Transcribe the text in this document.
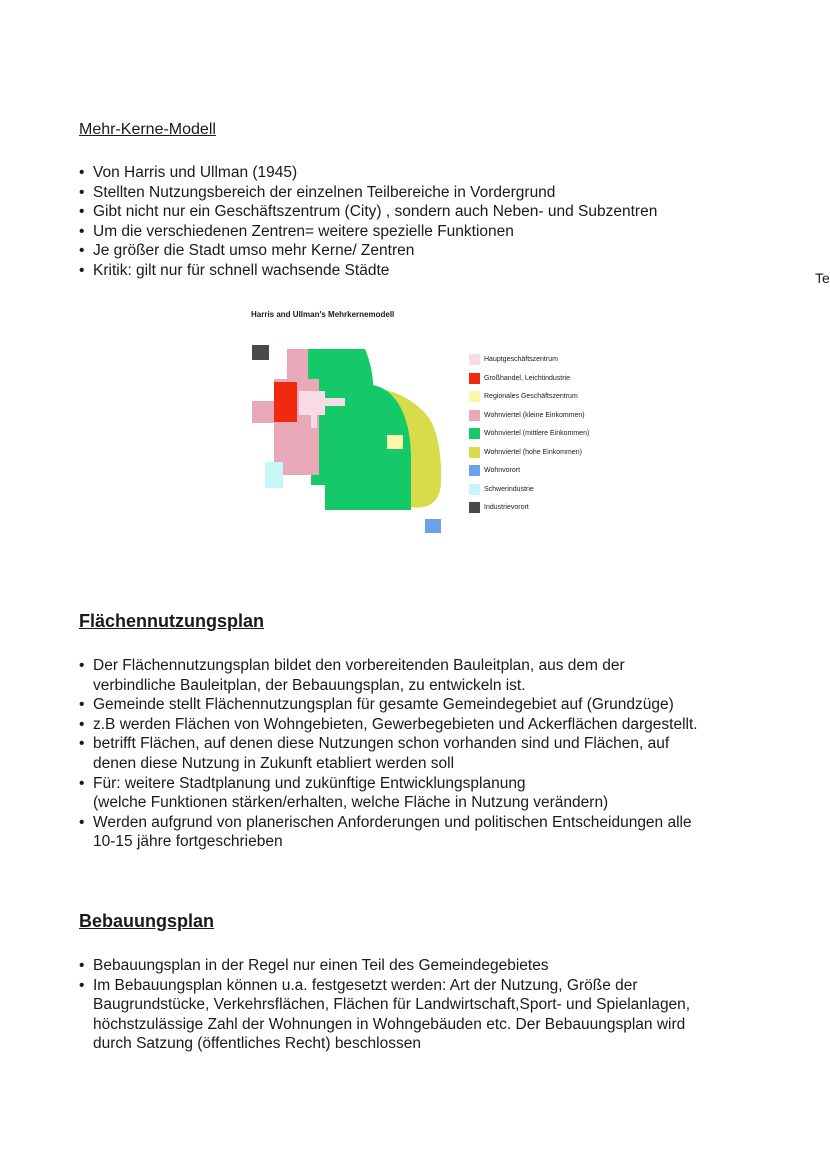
Mehr-Kerne-Modell
• Von Harris und Ullman (1945)
• Stellten Nutzungsbereich der einzelnen Teilbereiche in Vordergrund
• Gibt nicht nur ein Geschäftszentrum (City) , sondern auch Neben- und Subzentren
• Um die verschiedenen Zentren= weitere spezielle Funktionen
• Je größer die Stadt umso mehr Kerne/ Zentren
• Kritik: gilt nur für schnell wachsende Städte	Te
Harris and Ullman's Mehrkernemodell
Hauptgeschäftszentrum
Großhandel, Leichtindustrie
Regionales Geschäftszentrum
Wohnviertel (kleine Einkommen)
Wohnviertel (mittlere Einkommen)
Wohnviertel (hohe Einkommen)
Wohnvorort
Schwerindustrie
Industrievorort
Flächennutzungsplan
• Der Flächennutzungsplan bildet den vorbereitenden Bauleitplan, aus dem der
verbindliche Bauleitplan, der Bebauungsplan, zu entwickeln ist.
• Gemeinde stellt Flächennutzungsplan für gesamte Gemeindegebiet auf (Grundzüge)
• z.B werden Flächen von Wohngebieten, Gewerbegebieten und Ackerflächen dargestellt.
• betrifft Flächen, auf denen diese Nutzungen schon vorhanden sind und Flächen, auf
denen diese Nutzung in Zukunft etabliert werden soll
• Für: weitere Stadtplanung und zukünftige Entwicklungsplanung
(welche Funktionen stärken/erhalten, welche Fläche in Nutzung verändern)
• Werden aufgrund von planerischen Anforderungen und politischen Entscheidungen alle
10-15 jähre fortgeschrieben
Bebauungsplan
• Bebauungsplan in der Regel nur einen Teil des Gemeindegebietes
• Im Bebauungsplan können u.a. festgesetzt werden: Art der Nutzung, Größe der
Baugrundstücke, Verkehrsflächen, Flächen für Landwirtschaft,Sport- und Spielanlagen,
höchstzulässige Zahl der Wohnungen in Wohngebäuden etc. Der Bebauungsplan wird
durch Satzung (öffentliches Recht) beschlossen
